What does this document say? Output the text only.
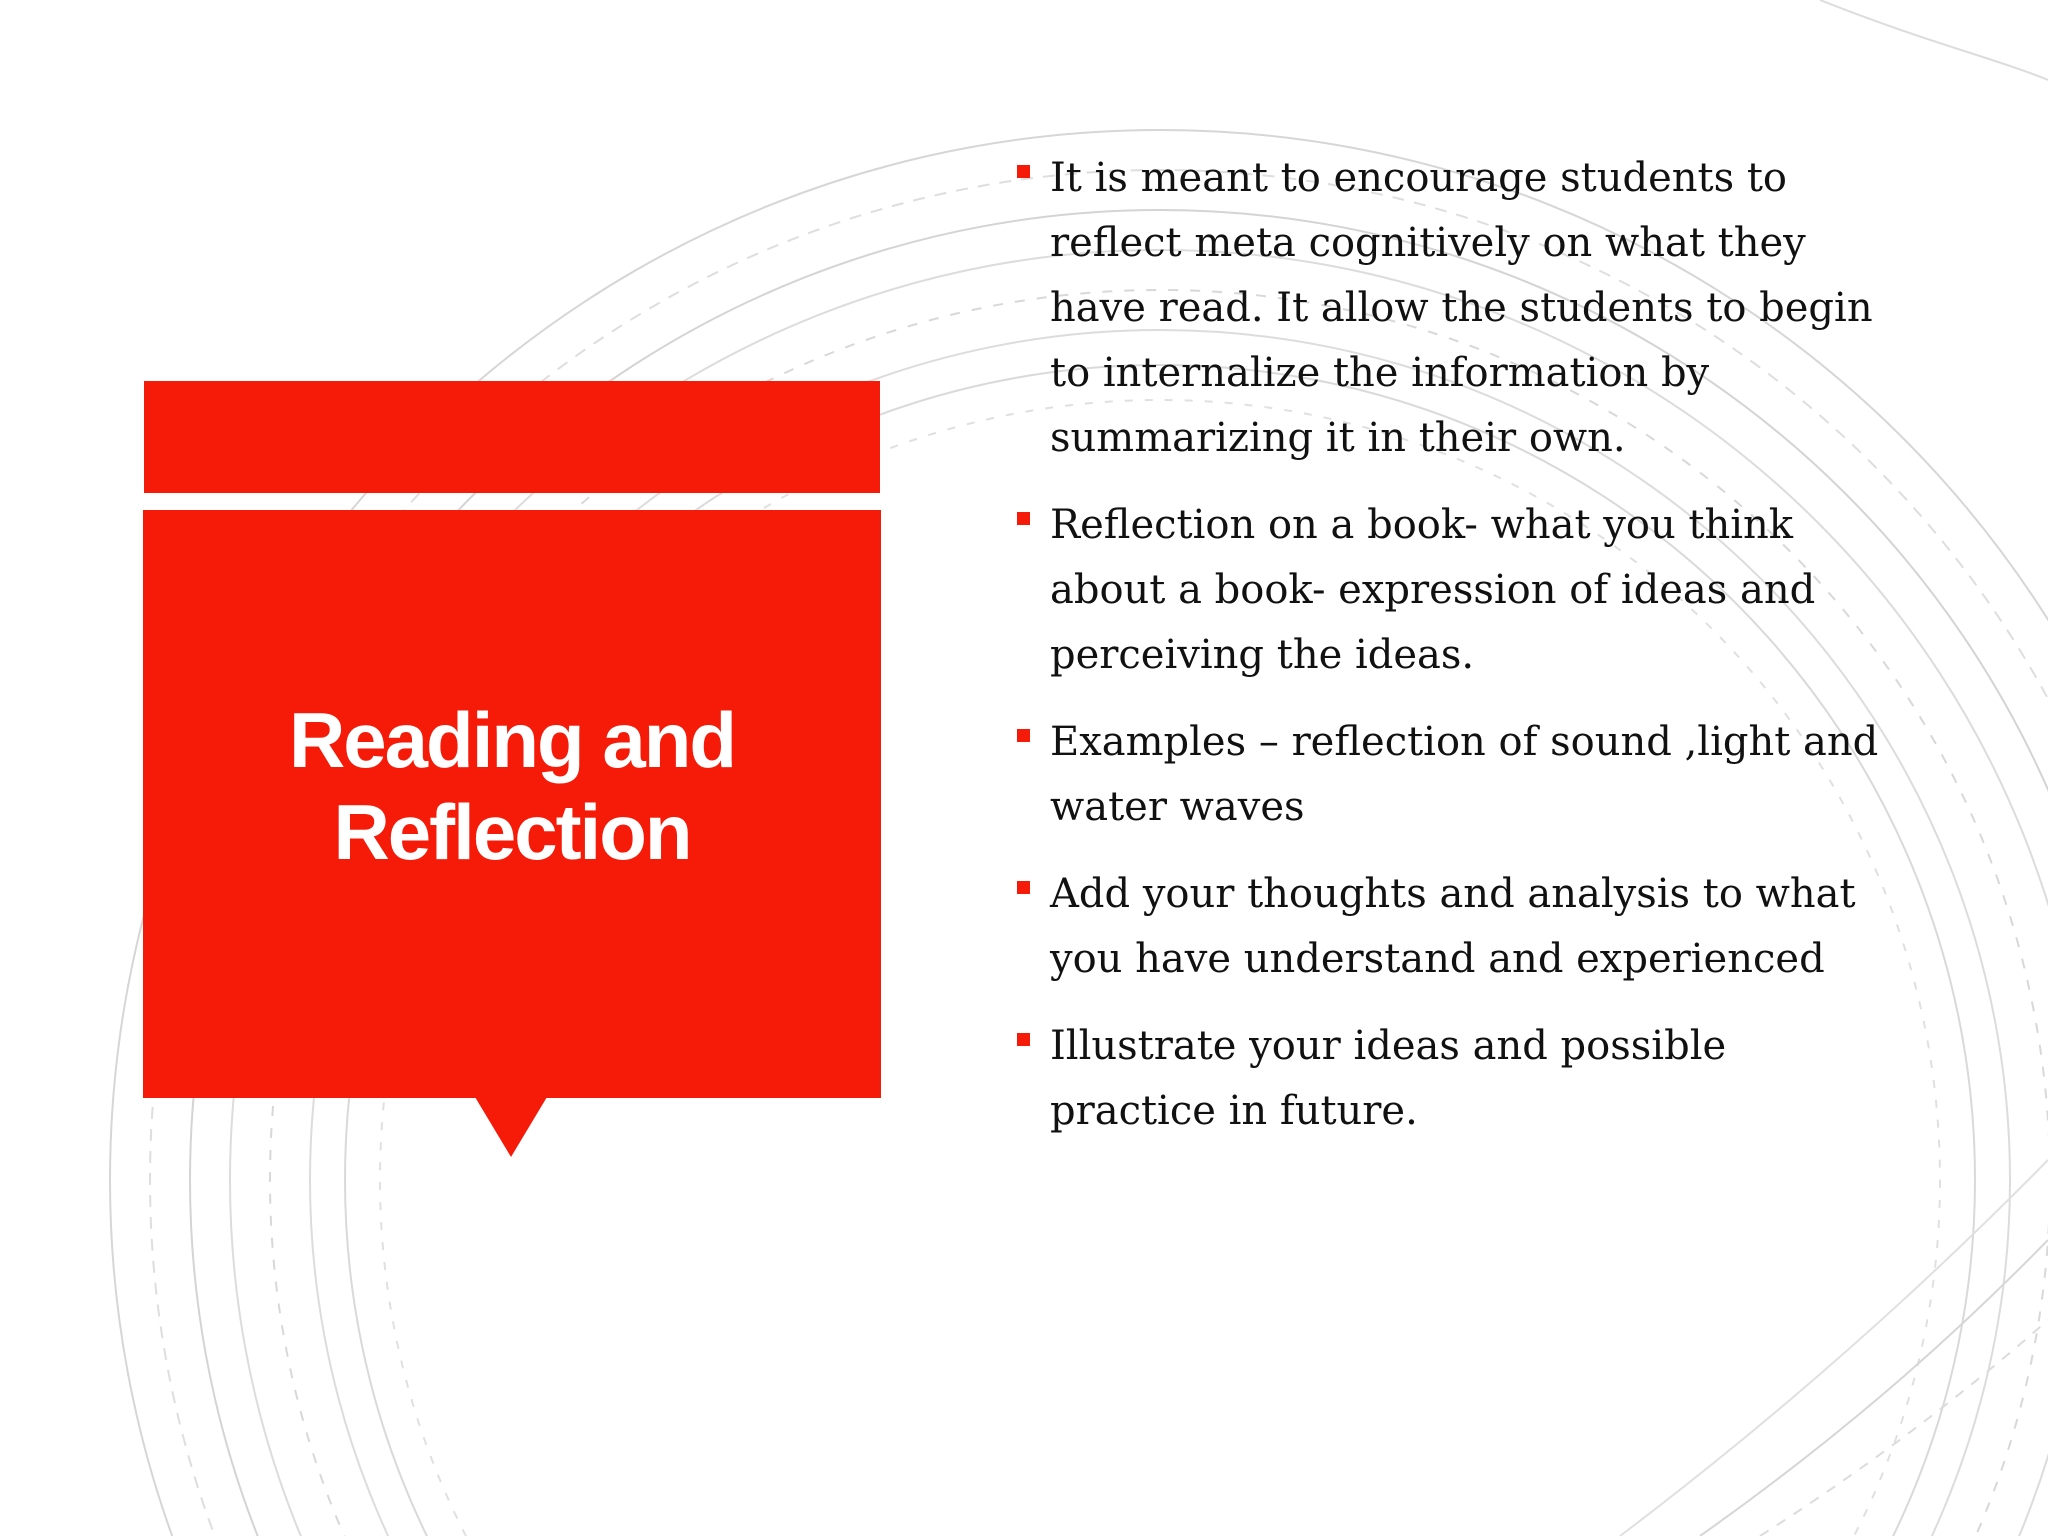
Reading and Reflection
It is meant to encourage students to reflect meta cognitively on what they have read. It allow the students to begin to internalize the information by summarizing it in their own.
Reflection on a book- what you think about a book- expression of ideas and perceiving the ideas.
Examples – reflection of sound ,light and water waves
Add your thoughts and analysis to what you have understand and experienced
Illustrate your ideas and possible practice in future.
